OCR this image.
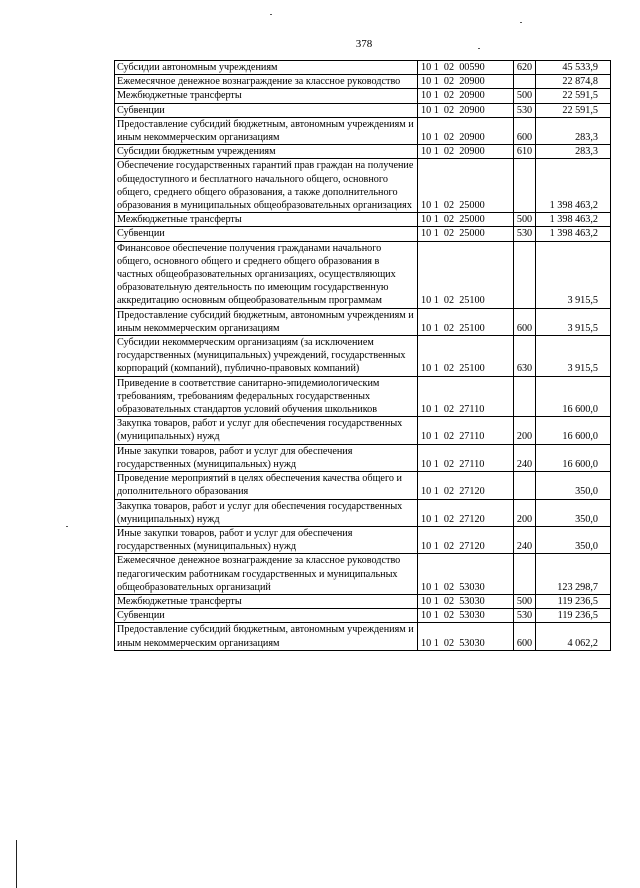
378
Субсидии автономным учреждениям	10 1  02  00590	620	45 533,9
Ежемесячное денежное вознаграждение за классное руководство	10 1  02  20900		22 874,8
Межбюджетные трансферты	10 1  02  20900	500	22 591,5
Субвенции	10 1  02  20900	530	22 591,5
Предоставление субсидий бюджетным, автономным учреждениям и иным некоммерческим организациям	10 1  02  20900	600	283,3
Субсидии бюджетным учреждениям	10 1  02  20900	610	283,3
Обеспечение государственных гарантий прав граждан на получение общедоступного и бесплатного начального общего, основного общего, среднего общего образования, а также дополнительного образования в муниципальных общеобразовательных организациях	10 1  02  25000		1 398 463,2
Межбюджетные трансферты	10 1  02  25000	500	1 398 463,2
Субвенции	10 1  02  25000	530	1 398 463,2
Финансовое обеспечение получения гражданами начального общего, основного общего и среднего общего образования в частных общеобразовательных организациях, осуществляющих образовательную деятельность по имеющим государственную аккредитацию основным общеобразовательным программам	10 1  02  25100		3 915,5
Предоставление субсидий бюджетным, автономным учреждениям и иным некоммерческим организациям	10 1  02  25100	600	3 915,5
Субсидии некоммерческим организациям (за исключением государственных (муниципальных) учреждений, государственных корпораций (компаний), публично-правовых компаний)	10 1  02  25100	630	3 915,5
Приведение в соответствие санитарно-эпидемиологическим требованиям, требованиям федеральных государственных образовательных стандартов условий обучения школьников	10 1  02  27110		16 600,0
Закупка товаров, работ и услуг для обеспечения государственных (муниципальных) нужд	10 1  02  27110	200	16 600,0
Иные закупки товаров, работ и услуг для обеспечения государственных (муниципальных) нужд	10 1  02  27110	240	16 600,0
Проведение мероприятий в целях обеспечения качества общего и дополнительного образования	10 1  02  27120		350,0
Закупка товаров, работ и услуг для обеспечения государственных (муниципальных) нужд	10 1  02  27120	200	350,0
Иные закупки товаров, работ и услуг для обеспечения государственных (муниципальных) нужд	10 1  02  27120	240	350,0
Ежемесячное денежное вознаграждение за классное руководство педагогическим работникам государственных и муниципальных общеобразовательных организаций	10 1  02  53030		123 298,7
Межбюджетные трансферты	10 1  02  53030	500	119 236,5
Субвенции	10 1  02  53030	530	119 236,5
Предоставление субсидий бюджетным, автономным учреждениям и иным некоммерческим организациям	10 1  02  53030	600	4 062,2
